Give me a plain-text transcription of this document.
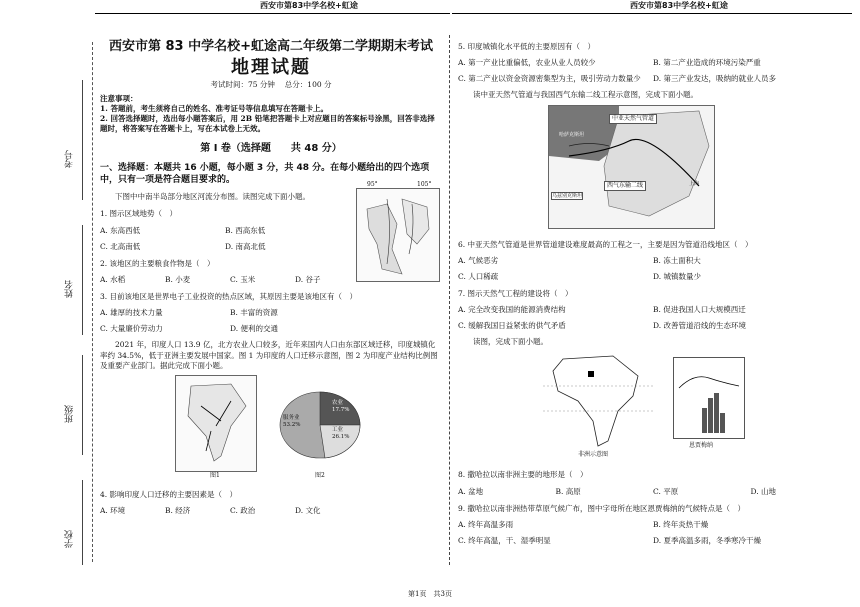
西安市第83中学名校+虹途	西安市第83中学名校+虹途
考号
姓名
班级
学校
西安市第 83 中学名校+虹途高二年级第二学期期末考试
地理试题
考试时间：75 分钟　 总分：100 分
注意事项：
1. 答题前，考生须将自己的姓名、准考证号等信息填写在答题卡上。
2. 回答选择题时，选出每小题答案后，用 2B 铅笔把答题卡上对应题目的答案标号涂黑，回答非选择题时，将答案写在答题卡上，写在本试卷上无效。
第 I 卷（选择题　　共 48 分）
一、选择题：本题共 16 小题，每小题 3 分，共 48 分。在每小题给出的四个选项中，只有一项是符合题目要求的。	95°	105°
下图中中南半岛部分地区河流分布图。读图完成下面小题。
1. 图示区域地势（　）
A. 东高西低	B. 西高东低
C. 北高南低	D. 南高北低
2. 该地区的主要粮食作物是（　）
A. 水稻	B. 小麦	C. 玉米	D. 谷子
3. 目前该地区是世界电子工业投资的热点区域，其原因主要是该地区有（　）
A. 雄厚的技术力量	B. 丰富的资源
C. 大量廉价劳动力	D. 便利的交通
2021 年，印度人口 13.9 亿，北方农业人口较多，近年来国内人口由东部区域迁移，印度城镇化率约 34.5%，低于亚洲主要发展中国家。图 1 为印度的人口迁移示意图，图 2 为印度产业结构比例图及重要产业部门。据此完成下面小题。
图1
服务业 53.2%
工业 26.1%
农业 17.7%
图2
4. 影响印度人口迁移的主要因素是（　）
A. 环境	B. 经济	C. 政治	D. 文化
5. 印度城镇化水平低的主要原因有（　）
A. 第一产业比重偏低，农业从业人员较少	B. 第二产业造成的环境污染严重
C. 第二产业以资金资源密集型为主，吸引劳动力数量少	D. 第三产业发达，吸纳的就业人员多
读中亚天然气管道与我国西气东输二线工程示意图，完成下面小题。
中亚天然气管道
哈萨克斯坦
乌兹别克斯坦
西气东输二线	上海
6. 中亚天然气管道是世界管道建设难度最高的工程之一，主要是因为管道沿线地区（　）
A. 气候恶劣	B. 冻土面积大
C. 人口稀疏	D. 城镇数量少
7. 图示天然气工程的建设将（　）
A. 完全改变我国的能源消费结构	B. 促进我国人口大规模西迁
C. 缓解我国日益紧张的供气矛盾	D. 改善管道沿线的生态环境
读图，完成下面小题。
非洲示意图
恩贾梅纳
8. 撒哈拉以南非洲主要的地形是（　）
A. 盆地	B. 高原	C. 平原	D. 山地
9. 撒哈拉以南非洲热带草原气候广布，图中字母所在地区恩贾梅纳的气候特点是（　）
A. 终年高温多雨	B. 终年炎热干燥
C. 终年高温，干、湿季明显	D. 夏季高温多雨，冬季寒冷干燥
第1页　共3页
